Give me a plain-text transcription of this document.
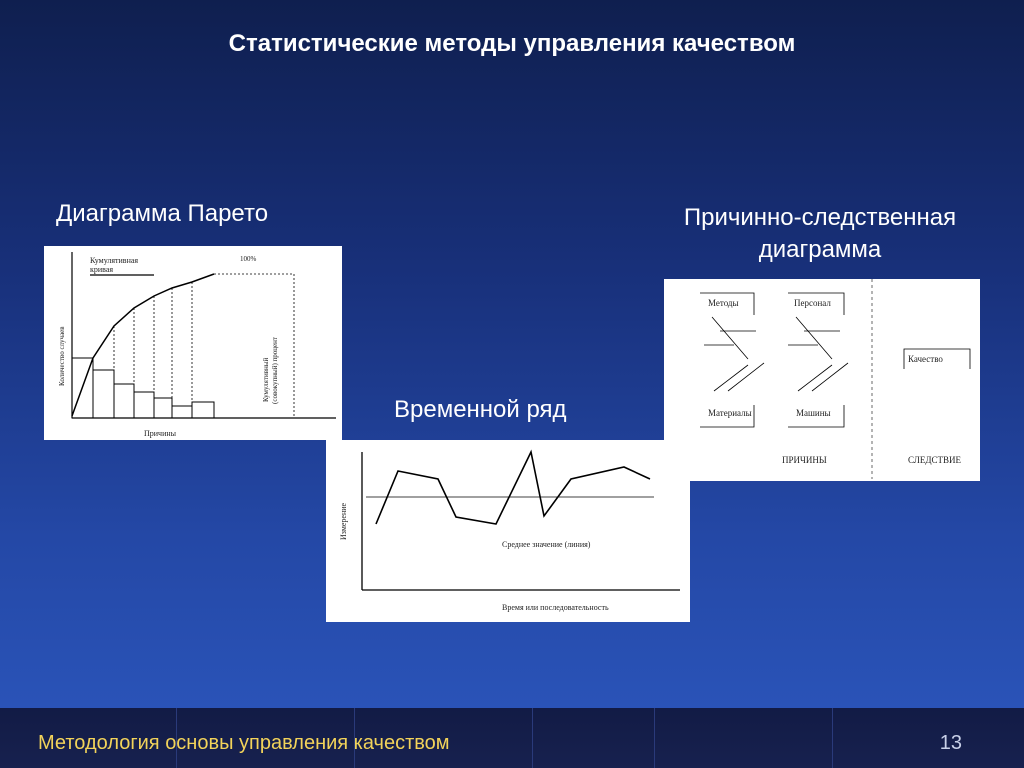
Статистические методы управления качеством
Диаграмма Парето
Временной ряд
Причинно-следственная
диаграмма
Кумулятивная
кривая
100%
Количество случаев	Кумулятивный (совокупный) процент
Причины
Измерение
Среднее значение (линия)
Время или последовательность
Методы	Персонал
Материалы	Машины
Качество
ПРИЧИНЫ	СЛЕДСТВИЕ
Методология основы управления качеством	13
